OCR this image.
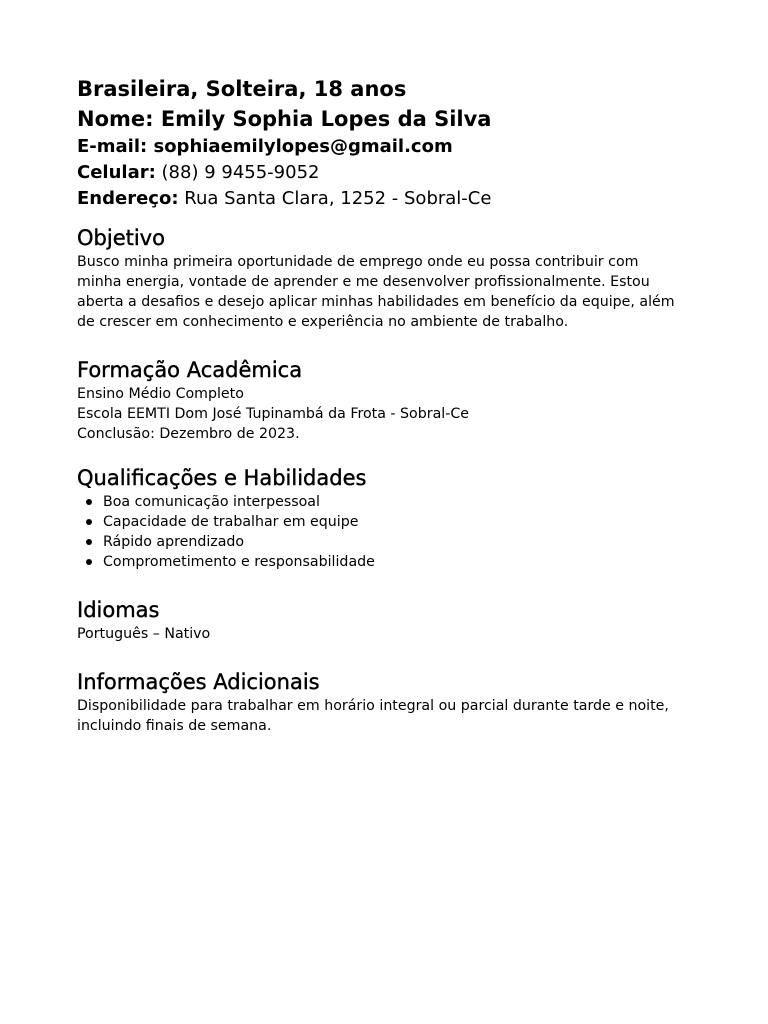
Brasileira, Solteira, 18 anos

Nome: Emily Sophia Lopes da Silva

E-mail: sophiaemilylopes@gmail.com

Celular: (88) 9 9455-9052

Endereço: Rua Santa Clara, 1252 - Sobral-Ce

Objetivo

Busco minha primeira oportunidade de emprego onde eu possa contribuir com minha energia, vontade de aprender e me desenvolver profissionalmente. Estou aberta a desafios e desejo aplicar minhas habilidades em benefício da equipe, além de crescer em conhecimento e experiência no ambiente de trabalho.

Formação Acadêmica

Ensino Médio Completo

Escola EEMTI Dom José Tupinambá da Frota - Sobral-Ce

Conclusão: Dezembro de 2023.

Qualificações e Habilidades
Boa comunicação interpessoal
Capacidade de trabalhar em equipe
Rápido aprendizado
Comprometimento e responsabilidade
Idiomas

Português – Nativo

Informações Adicionais

Disponibilidade para trabalhar em horário integral ou parcial durante tarde e noite, incluindo finais de semana.
